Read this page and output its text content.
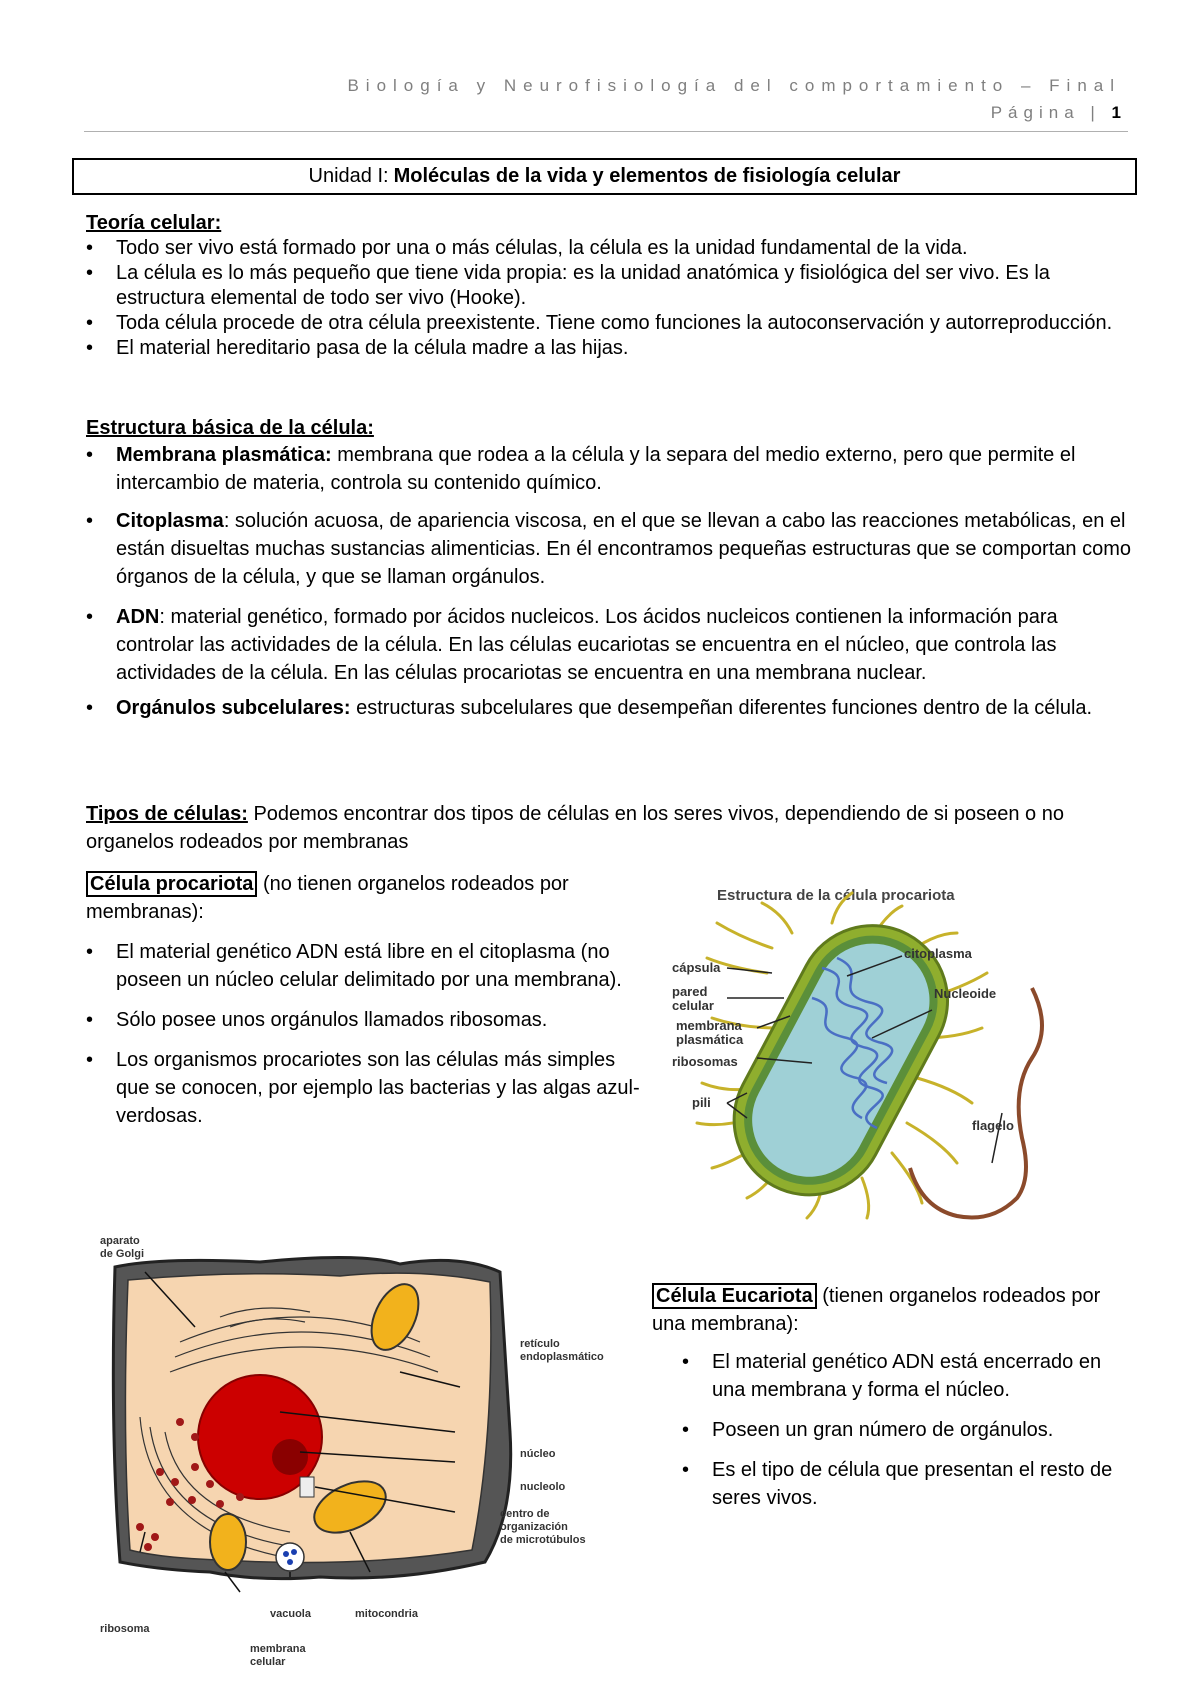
Biología y Neurofisiología del comportamiento – Final
Página | 1
Unidad I: Moléculas de la vida y elementos de fisiología celular
Teoría celular:
• Todo ser vivo está formado por una o más células, la célula es la unidad fundamental de la vida.
• La célula es lo más pequeño que tiene vida propia: es la unidad anatómica y fisiológica del ser vivo. Es la estructura elemental de todo ser vivo (Hooke).
• Toda célula procede de otra célula preexistente. Tiene como funciones la autoconservación y autorreproducción.
• El material hereditario pasa de la célula madre a las hijas.
Estructura básica de la célula:
• Membrana plasmática: membrana que rodea a la célula y la separa del medio externo, pero que permite el intercambio de materia, controla su contenido químico.
• Citoplasma: solución acuosa, de apariencia viscosa, en el que se llevan a cabo las reacciones metabólicas, en el están disueltas muchas sustancias alimenticias. En él encontramos pequeñas estructuras que se comportan como órganos de la célula, y que se llaman orgánulos.
• ADN: material genético, formado por ácidos nucleicos. Los ácidos nucleicos contienen la información para controlar las actividades de la célula. En las células eucariotas se encuentra en el núcleo, que controla las actividades de la célula. En las células procariotas se encuentra en una membrana nuclear.
• Orgánulos subcelulares: estructuras subcelulares que desempeñan diferentes funciones dentro de la célula.
Tipos de células: Podemos encontrar dos tipos de células en los seres vivos, dependiendo de si poseen o no organelos rodeados por membranas
Célula procariota (no tienen organelos rodeados por membranas):
• El material genético ADN está libre en el citoplasma (no poseen un núcleo celular delimitado por una membrana).
• Sólo posee unos orgánulos llamados ribosomas.
• Los organismos procariotes son las células más simples que se conocen, por ejemplo las bacterias y las algas azul-verdosas.
Estructura de la célula procariota
citoplasma
Nucleoide
cápsula
pared
celular
membrana
plasmática
ribosomas
pili
flagelo
aparato
de Golgi
retículo
endoplasmático
núcleo
nucleolo
centro de
organización
de microtúbulos
vacuola	mitocondria
ribosoma
membrana
celular
Célula Eucariota (tienen organelos rodeados por una membrana):
• El material genético ADN está encerrado en una membrana y forma el núcleo.
• Poseen un gran número de orgánulos.
• Es el tipo de célula que presentan el resto de seres vivos.
